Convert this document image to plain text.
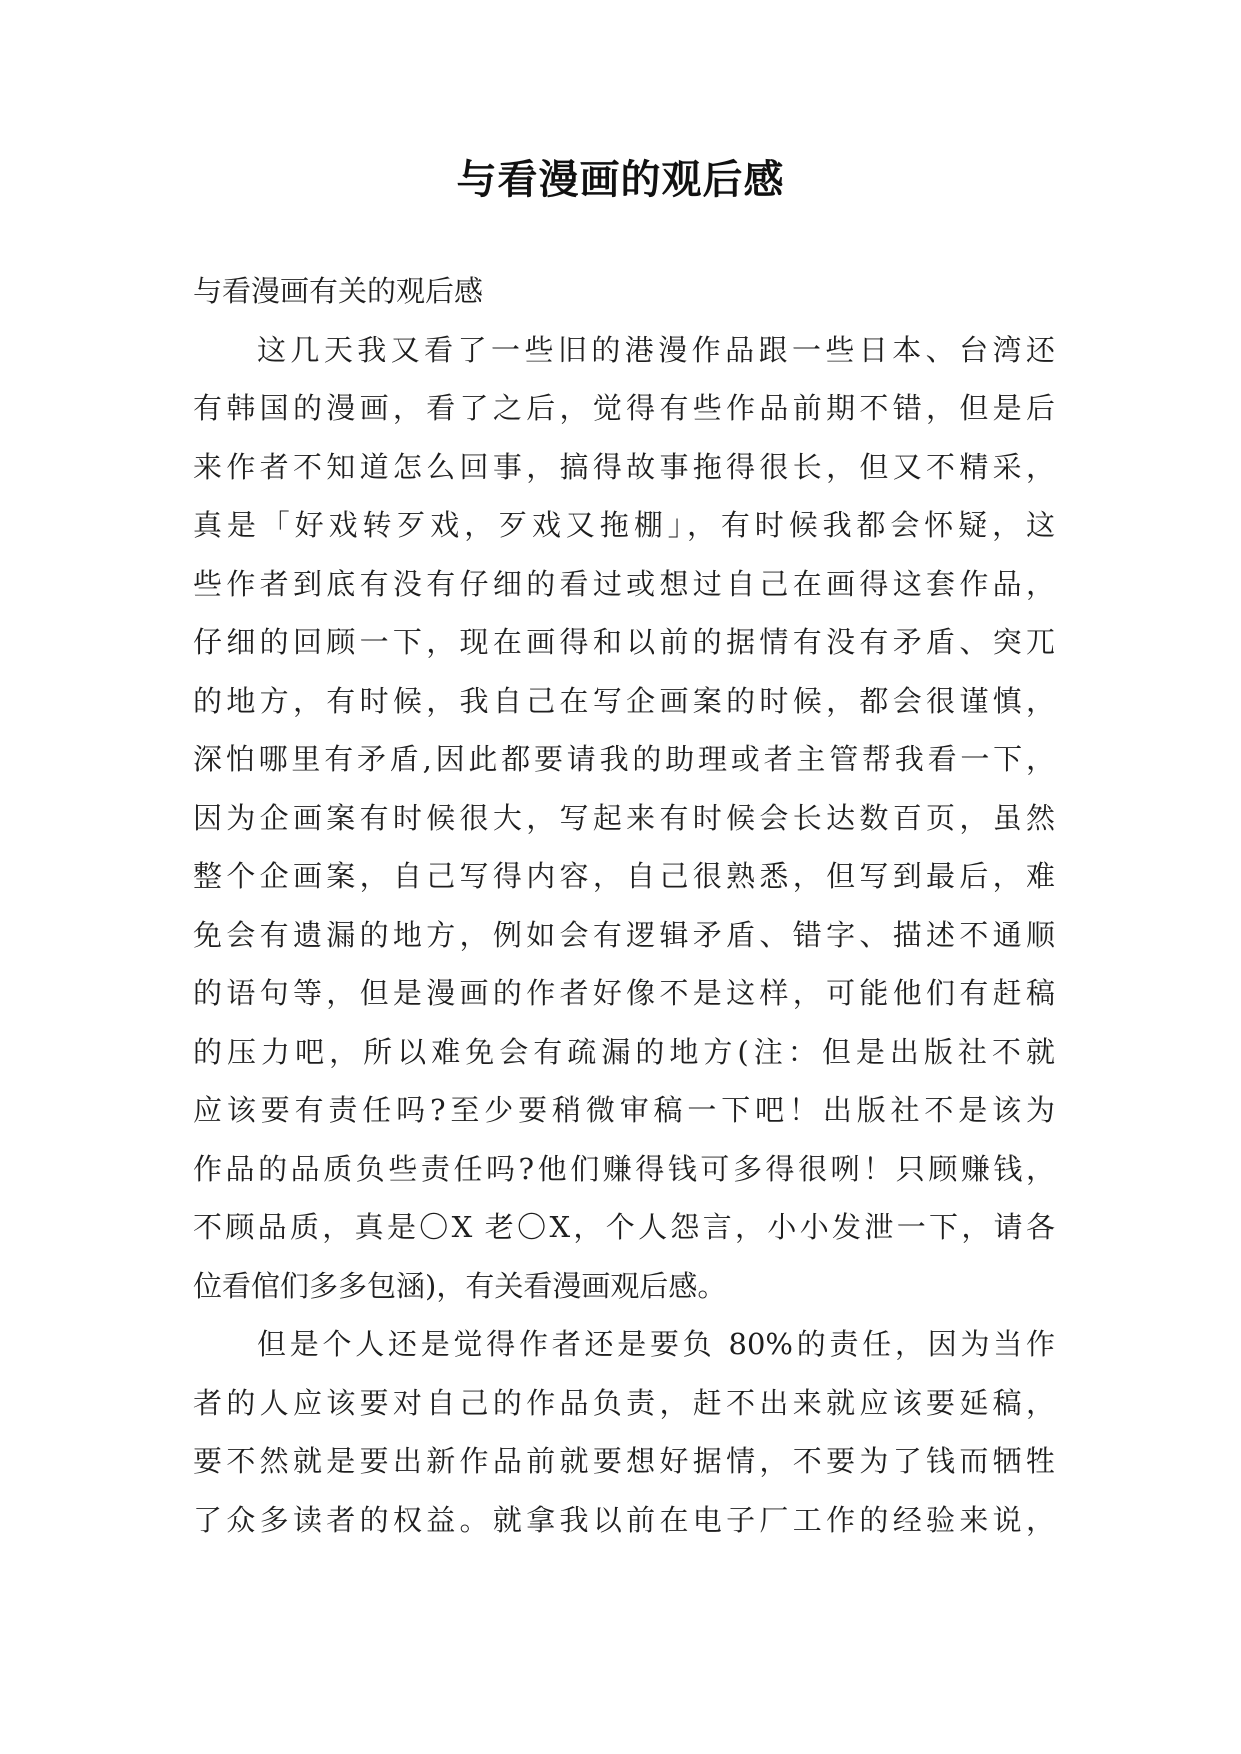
与看漫画的观后感
与看漫画有关的观后感
这几天我又看了一些旧的港漫作品跟一些日本、台湾还
有韩国的漫画，看了之后，觉得有些作品前期不错，但是后
来作者不知道怎么回事，搞得故事拖得很长，但又不精采，
真是「好戏转歹戏，歹戏又拖棚」，有时候我都会怀疑，这
些作者到底有没有仔细的看过或想过自己在画得这套作品，
仔细的回顾一下，现在画得和以前的据情有没有矛盾、突兀
的地方，有时候，我自己在写企画案的时候，都会很谨慎，
深怕哪里有矛盾,因此都要请我的助理或者主管帮我看一下，
因为企画案有时候很大，写起来有时候会长达数百页，虽然
整个企画案，自己写得内容，自己很熟悉，但写到最后，难
免会有遗漏的地方，例如会有逻辑矛盾、错字、描述不通顺
的语句等，但是漫画的作者好像不是这样，可能他们有赶稿
的压力吧，所以难免会有疏漏的地方(注：但是出版社不就
应该要有责任吗?至少要稍微审稿一下吧！出版社不是该为
作品的品质负些责任吗?他们赚得钱可多得很咧！只顾赚钱，
不顾品质，真是〇X 老〇X，个人怨言，小小发泄一下，请各
位看倌们多多包涵)，有关看漫画观后感。
但是个人还是觉得作者还是要负 80%的责任，因为当作
者的人应该要对自己的作品负责，赶不出来就应该要延稿，
要不然就是要出新作品前就要想好据情，不要为了钱而牺牲
了众多读者的权益。就拿我以前在电子厂工作的经验来说，
